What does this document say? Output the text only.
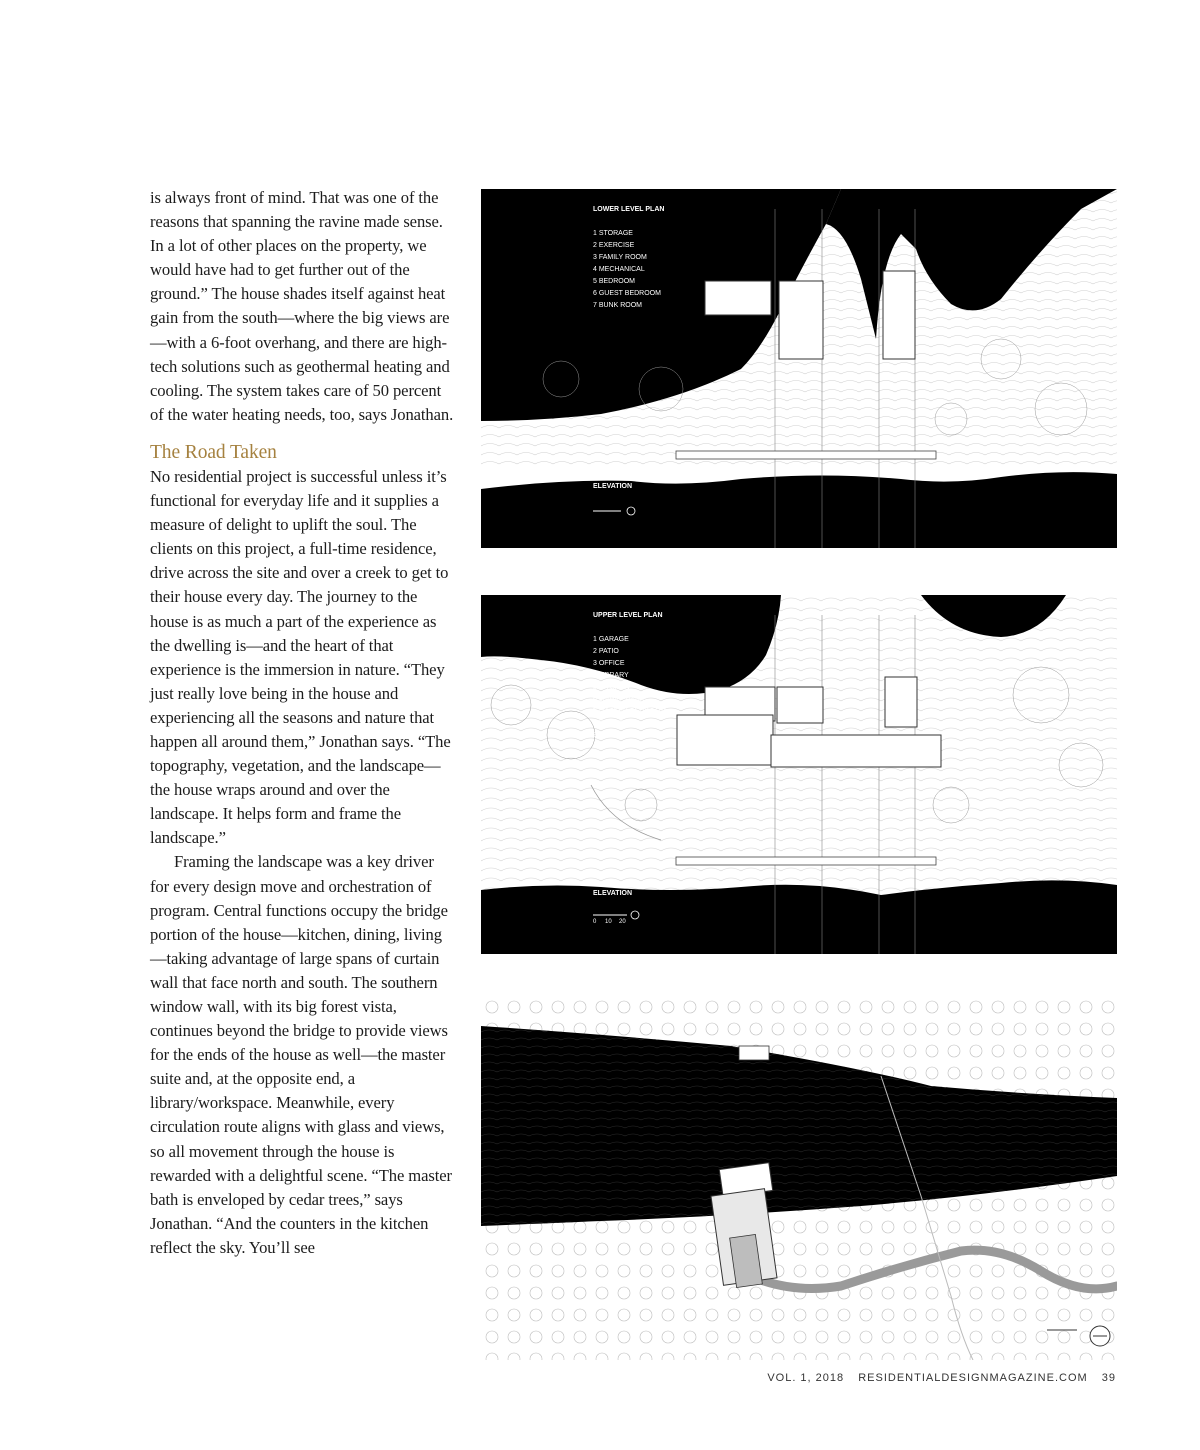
is always front of mind. That was one of the reasons that spanning the ravine made sense. In a lot of other places on the property, we would have had to get further out of the ground.” The house shades itself against heat gain from the south—where the big views are—with a 6-foot overhang, and there are high-tech solutions such as geothermal heating and cooling. The system takes care of 50 percent of the water heating needs, too, says Jonathan.

The Road Taken

No residential project is successful unless it’s functional for everyday life and it supplies a measure of delight to uplift the soul. The clients on this project, a full-time residence, drive across the site and over a creek to get to their house every day. The journey to the house is as much a part of the experience as the dwelling is—and the heart of that experience is the immersion in nature. “They just really love being in the house and experiencing all the seasons and nature that happen all around them,” Jonathan says. “The topography, vegetation, and the landscape—the house wraps around and over the landscape. It helps form and frame the landscape.”

Framing the landscape was a key driver for every design move and orchestration of program. Central functions occupy the bridge portion of the house—kitchen, dining, living—taking advantage of large spans of curtain wall that face north and south. The southern window wall, with its big forest vista, continues beyond the bridge to provide views for the ends of the house as well—the master suite and, at the opposite end, a library/workspace. Meanwhile, every circulation route aligns with glass and views, so all movement through the house is rewarded with a delightful scene. “The master bath is enveloped by cedar trees,” says Jonathan. “And the counters in the kitchen reflect the sky. You’ll see

LOWER LEVEL PLAN
1 STORAGE
2 EXERCISE
3 FAMILY ROOM
4 MECHANICAL
5 BEDROOM
6 GUEST BEDROOM
7 BUNK ROOM
ELEVATION
UPPER LEVEL PLAN
1 GARAGE
2 PATIO
3 OFFICE
4 LIBRARY
5 KITCHEN
6 LIVING SPACE
7 MASTER BEDROOM
8 BEDROOM
9 MASTER BATHROOM
ELEVATION
0 10 20
VOL. 1, 2018 RESIDENTIALDESIGNMAGAZINE.COM 39
